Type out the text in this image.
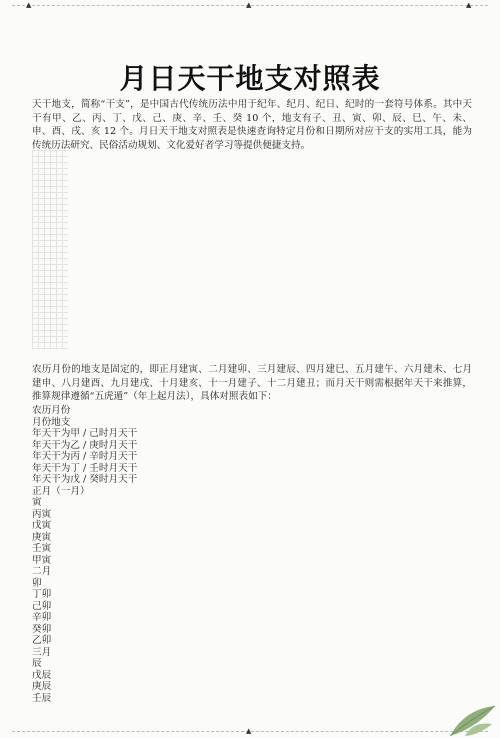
▲	▲	▲
月日天干地支对照表

天干地支，简称“干支”，是中国古代传统历法中用于纪年、纪月、纪日、纪时的一套符号体系。其中天干有甲、乙、丙、丁、戊、己、庚、辛、壬、癸 10 个，地支有子、丑、寅、卯、辰、巳、午、未、申、酉、戌、亥 12 个。月日天干地支对照表是快速查询特定月份和日期所对应干支的实用工具，能为传统历法研究、民俗活动规划、文化爱好者学习等提供便捷支持。

农历月份的地支是固定的，即正月建寅、二月建卯、三月建辰、四月建巳、五月建午、六月建未、七月建申、八月建酉、九月建戌、十月建亥、十一月建子、十二月建丑；而月天干则需根据年天干来推算，推算规律遵循“五虎遁”（年上起月法），具体对照表如下：

农历月份
月份地支
年天干为甲 / 己时月天干
年天干为乙 / 庚时月天干
年天干为丙 / 辛时月天干
年天干为丁 / 壬时月天干
年天干为戊 / 癸时月天干
正月（一月）
寅
丙寅
戊寅
庚寅
壬寅
甲寅
二月
卯
丁卯
己卯
辛卯
癸卯
乙卯
三月
辰
戊辰
庚辰
壬辰
▲
